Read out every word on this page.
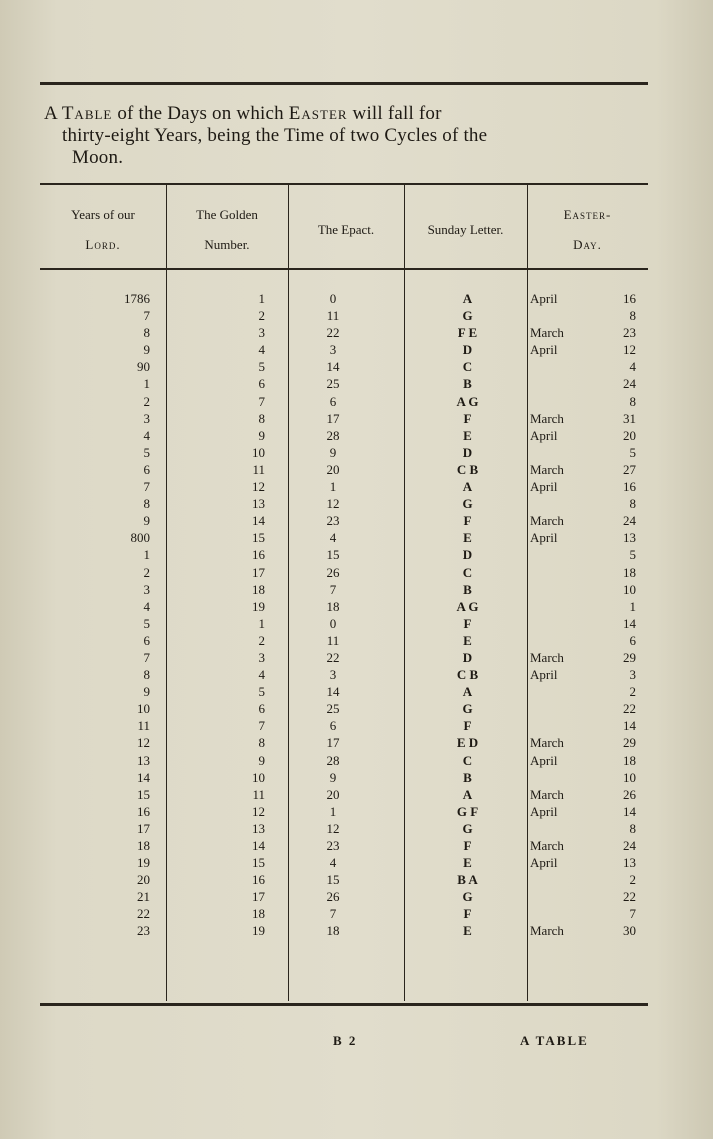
A Table of the Days on which Easter will fall for
thirty-eight Years, being the Time of two Cycles of the
Moon.
Years of our
Lord.
The Golden
Number.
The Epact.	Sunday Letter.
Easter-
Day.
1786
7
8
9
90
1
2
3
4
5
6
7
8
9
800
1
2
3
4
5
6
7
8
9
10
11
12
13
14
15
16
17
18
19
20
21
22
23
1
2
3
4
5
6
7
8
9
10
11
12
13
14
15
16
17
18
19
1
2
3
4
5
6
7
8
9
10
11
12
13
14
15
16
17
18
19
0
11
22
3
14
25
6
17
28
9
20
1
12
23
4
15
26
7
18
0
11
22
3
14
25
6
17
28
9
20
1
12
23
4
15
26
7
18
A
G
F E
D
C
B
A G
F
E
D
C B
A
G
F
E
D
C
B
A G
F
E
D
C B
A
G
F
E D
C
B
A
G F
G
F
E
B A
G
F
E
April
March
April
March
April
March
April
March
April
March
April
March
April
March
April
March
April
March
16
8
23
12
4
24
8
31
20
5
27
16
8
24
13
5
18
10
1
14
6
29
3
2
22
14
29
18
10
26
14
8
24
13
2
22
7
30
B 2	A TABLE
